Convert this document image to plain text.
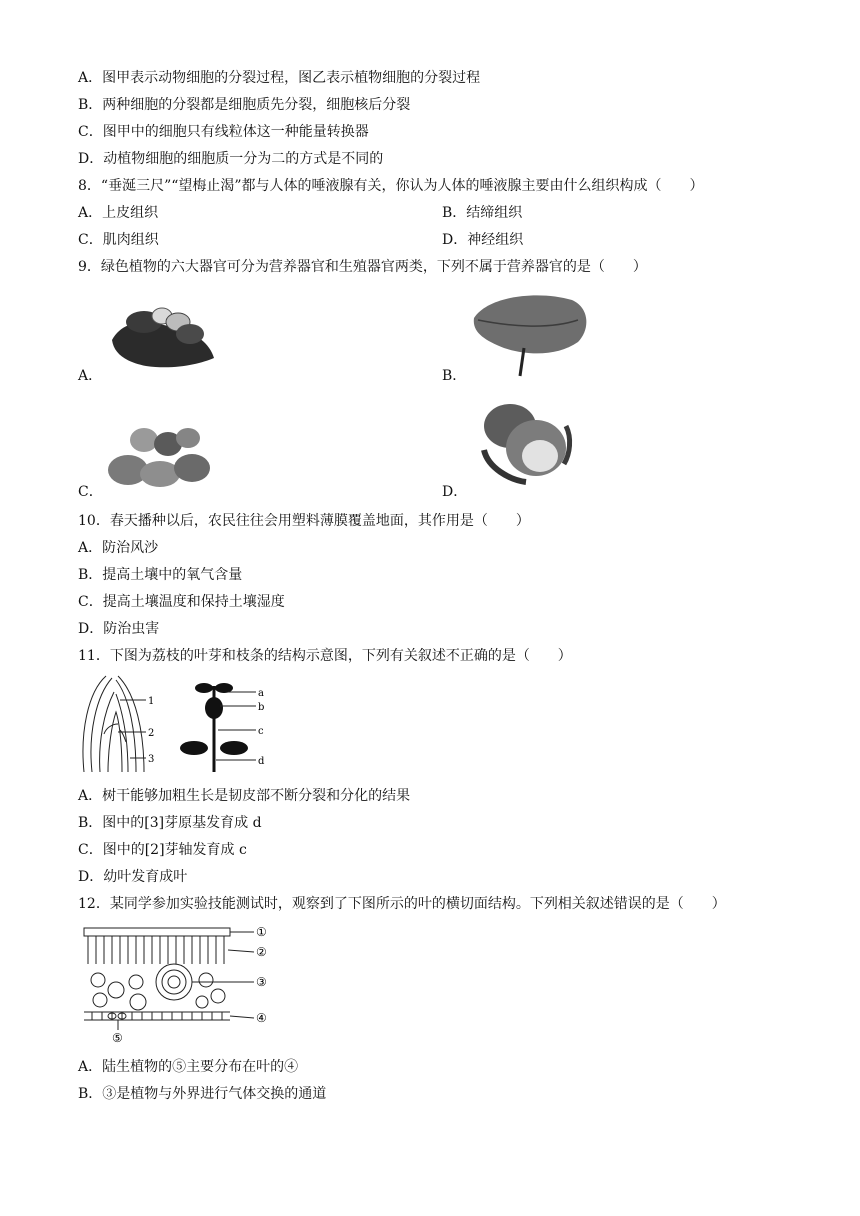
A．图甲表示动物细胞的分裂过程，图乙表示植物细胞的分裂过程
B．两种细胞的分裂都是细胞质先分裂，细胞核后分裂
C．图甲中的细胞只有线粒体这一种能量转换器
D．动植物细胞的细胞质一分为二的方式是不同的
8．“垂涎三尺”“望梅止渴”都与人体的唾液腺有关，你认为人体的唾液腺主要由什么组织构成（　　）
A．上皮组织	B．结缔组织
C．肌肉组织	D．神经组织
9．绿色植物的六大器官可分为营养器官和生殖器官两类，下列不属于营养器官的是（　　）
A．	B．
C．	D．
10．春天播种以后，农民往往会用塑料薄膜覆盖地面，其作用是（　　）
A．防治风沙
B．提高土壤中的氧气含量
C．提高土壤温度和保持土壤湿度
D．防治虫害
11．下图为荔枝的叶芽和枝条的结构示意图，下列有关叙述不正确的是（　　）
1
2
3
a
b
c
d
A．树干能够加粗生长是韧皮部不断分裂和分化的结果
B．图中的[3]芽原基发育成 d
C．图中的[2]芽轴发育成 c
D．幼叶发育成叶
12．某同学参加实验技能测试时，观察到了下图所示的叶的横切面结构。下列相关叙述错误的是（　　）
①
②
③
④
⑤
A．陆生植物的⑤主要分布在叶的④
B．③是植物与外界进行气体交换的通道
